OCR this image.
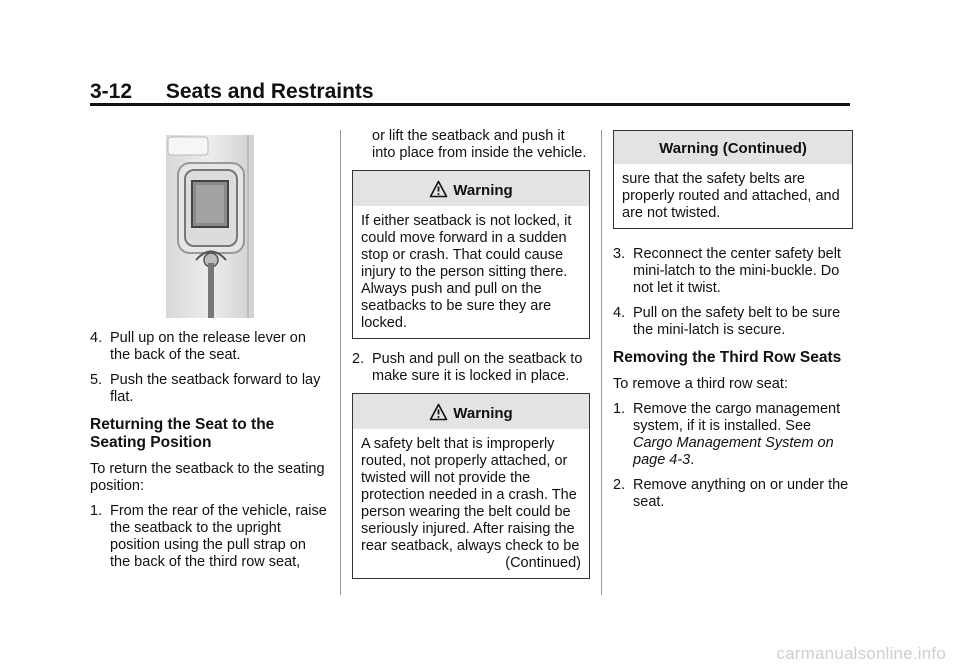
3-12 Seats and Restraints

4. Pull up on the release lever on the back of the seat.

5. Push the seatback forward to lay flat.

Returning the Seat to the Seating Position

To return the seatback to the seating position:

1. From the rear of the vehicle, raise the seatback to the upright position using the pull strap on the back of the third row seat,

or lift the seatback and push it into place from inside the vehicle.

Warning

If either seatback is not locked, it could move forward in a sudden stop or crash. That could cause injury to the person sitting there. Always push and pull on the seatbacks to be sure they are locked.

2. Push and pull on the seatback to make sure it is locked in place.

Warning

A safety belt that is improperly routed, not properly attached, or twisted will not provide the protection needed in a crash. The person wearing the belt could be seriously injured. After raising the rear seatback, always check to be

(Continued)

Warning (Continued)

sure that the safety belts are properly routed and attached, and are not twisted.

3. Reconnect the center safety belt mini-latch to the mini-buckle. Do not let it twist.

4. Pull on the safety belt to be sure the mini-latch is secure.

Removing the Third Row Seats

To remove a third row seat:

1. Remove the cargo management system, if it is installed. See Cargo Management System on page 4-3.

2. Remove anything on or under the seat.

carmanualsonline.info
